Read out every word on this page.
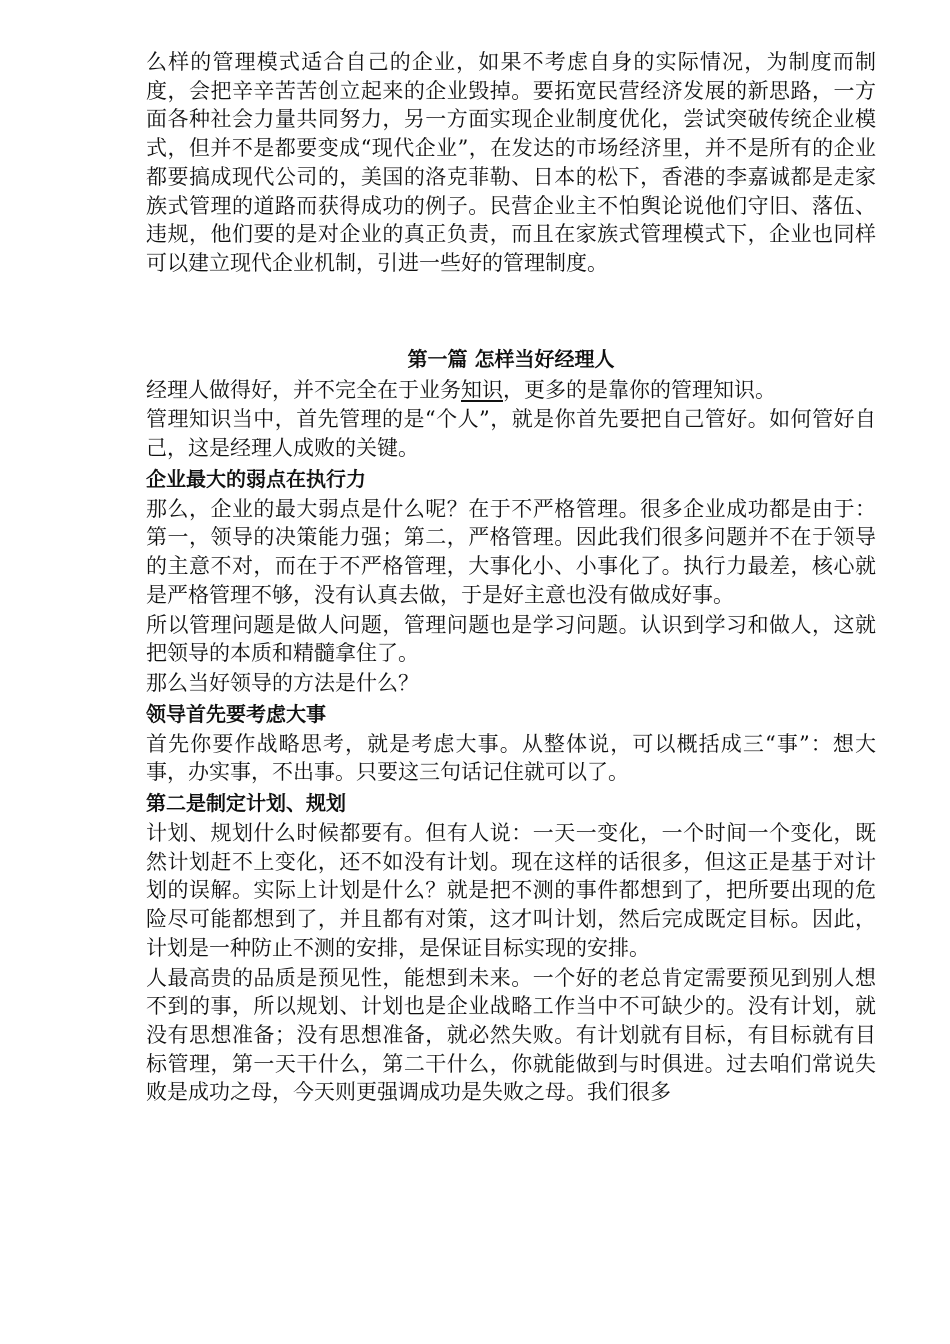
么样的管理模式适合自己的企业，如果不考虑自身的实际情况，为制度而制度，会把辛辛苦苦创立起来的企业毁掉。要拓宽民营经济发展的新思路，一方面各种社会力量共同努力，另一方面实现企业制度优化，尝试突破传统企业模式，但并不是都要变成“现代企业”，在发达的市场经济里，并不是所有的企业都要搞成现代公司的，美国的洛克菲勒、日本的松下，香港的李嘉诚都是走家族式管理的道路而获得成功的例子。民营企业主不怕舆论说他们守旧、落伍、违规，他们要的是对企业的真正负责，而且在家族式管理模式下，企业也同样可以建立现代企业机制，引进一些好的管理制度。

第一篇 怎样当好经理人

经理人做得好，并不完全在于业务知识，更多的是靠你的管理知识。

管理知识当中，首先管理的是“个人”，就是你首先要把自己管好。如何管好自己，这是经理人成败的关键。

企业最大的弱点在执行力

那么，企业的最大弱点是什么呢？在于不严格管理。很多企业成功都是由于：第一，领导的决策能力强；第二，严格管理。因此我们很多问题并不在于领导的主意不对，而在于不严格管理，大事化小、小事化了。执行力最差，核心就是严格管理不够，没有认真去做，于是好主意也没有做成好事。

所以管理问题是做人问题，管理问题也是学习问题。认识到学习和做人，这就把领导的本质和精髓拿住了。

那么当好领导的方法是什么？

领导首先要考虑大事

首先你要作战略思考，就是考虑大事。从整体说，可以概括成三“事”：想大事，办实事，不出事。只要这三句话记住就可以了。

第二是制定计划、规划

计划、规划什么时候都要有。但有人说：一天一变化，一个时间一个变化，既然计划赶不上变化，还不如没有计划。现在这样的话很多，但这正是基于对计划的误解。实际上计划是什么？就是把不测的事件都想到了，把所要出现的危险尽可能都想到了，并且都有对策，这才叫计划，然后完成既定目标。因此，计划是一种防止不测的安排，是保证目标实现的安排。

人最高贵的品质是预见性，能想到未来。一个好的老总肯定需要预见到别人想不到的事，所以规划、计划也是企业战略工作当中不可缺少的。没有计划，就没有思想准备；没有思想准备，就必然失败。有计划就有目标，有目标就有目标管理，第一天干什么，第二干什么，你就能做到与时俱进。过去咱们常说失败是成功之母，今天则更强调成功是失败之母。我们很多
